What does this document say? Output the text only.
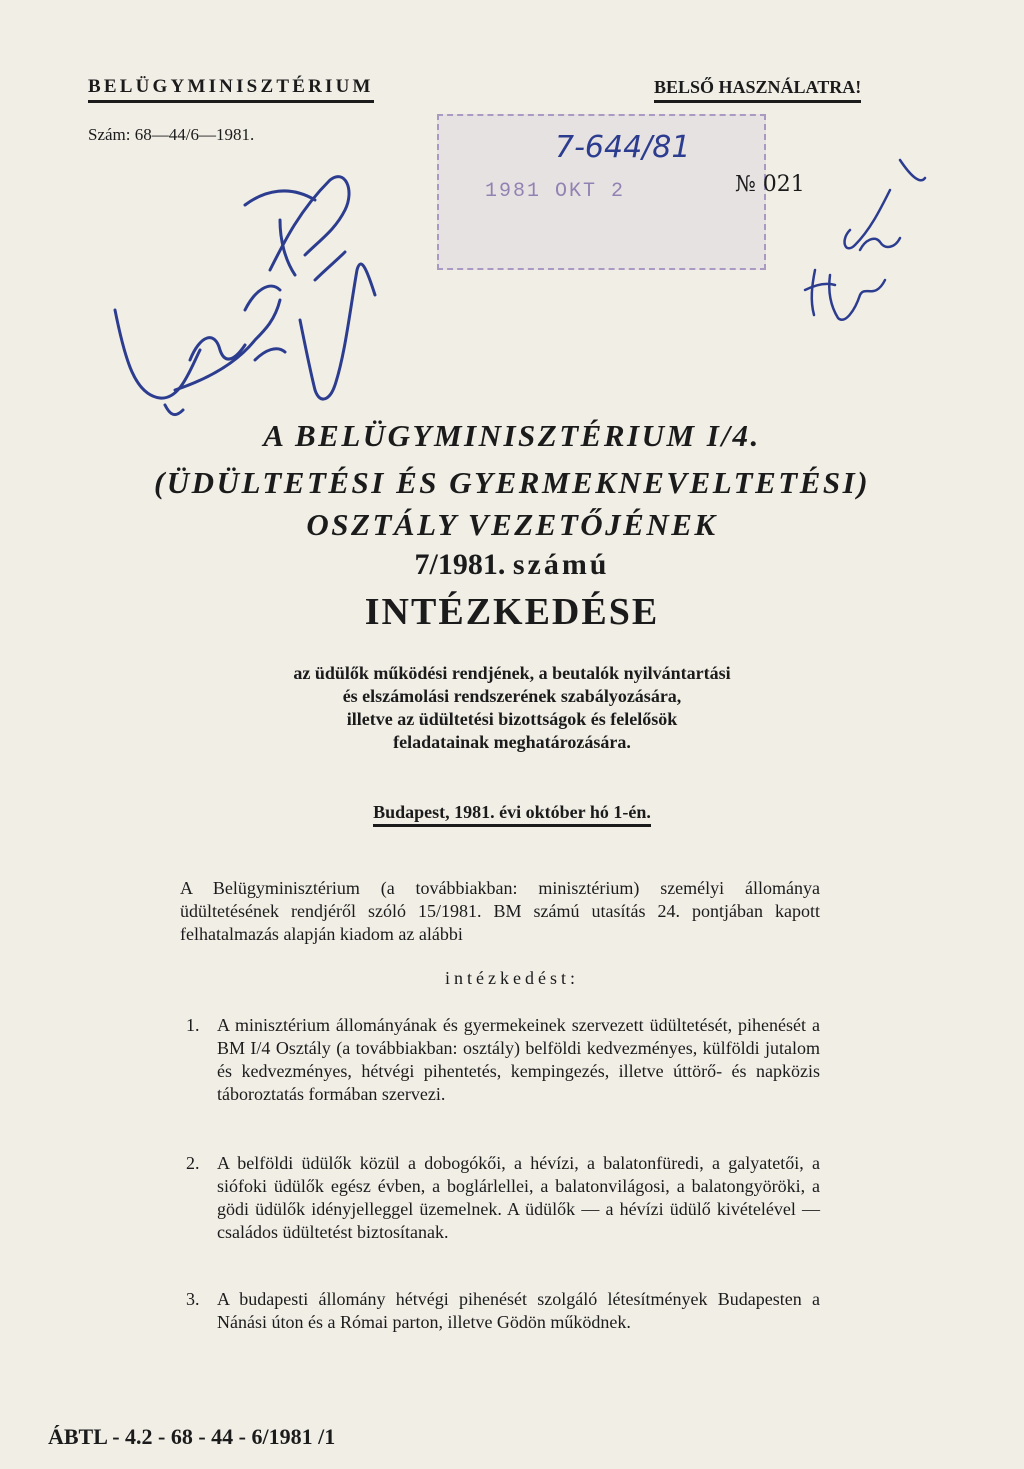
BELÜGYMINISZTÉRIUM	BELSŐ HASZNÁLATRA!
Szám: 68—44/6—1981.
1981 OKT 2
7-644/81
№ 021
A BELÜGYMINISZTÉRIUM I/4.
(ÜDÜLTETÉSI ÉS GYERMEKNEVELTETÉSI)
OSZTÁLY VEZETŐJÉNEK
7/1981. számú
INTÉZKEDÉSE
az üdülők működési rendjének, a beutalók nyilvántartási
és elszámolási rendszerének szabályozására,
illetve az üdültetési bizottságok és felelősök
feladatainak meghatározására.
Budapest, 1981. évi október hó 1-én.
A Belügyminisztérium (a továbbiakban: minisztérium) személyi állománya üdültetésének rendjéről szóló 15/1981. BM számú utasítás 24. pontjában kapott felhatalmazás alapján kiadom az alábbi
intézkedést:
1. A minisztérium állományának és gyermekeinek szervezett üdültetését, pihenését a BM I/4 Osztály (a továbbiakban: osztály) belföldi kedvezményes, külföldi jutalom és kedvezményes, hétvégi pihentetés, kempingezés, illetve úttörő- és napközis táboroztatás formában szervezi.
2. A belföldi üdülők közül a dobogókői, a hévízi, a balatonfüredi, a galyatetői, a siófoki üdülők egész évben, a boglárlellei, a balatonvilágosi, a balatongyöröki, a gödi üdülők idényjelleggel üzemelnek. A üdülők — a hévízi üdülő kivételével — családos üdültetést biztosítanak.
3. A budapesti állomány hétvégi pihenését szolgáló létesítmények Budapesten a Nánási úton és a Római parton, illetve Gödön működnek.
ÁBTL - 4.2 - 68 - 44 - 6/1981 /1
